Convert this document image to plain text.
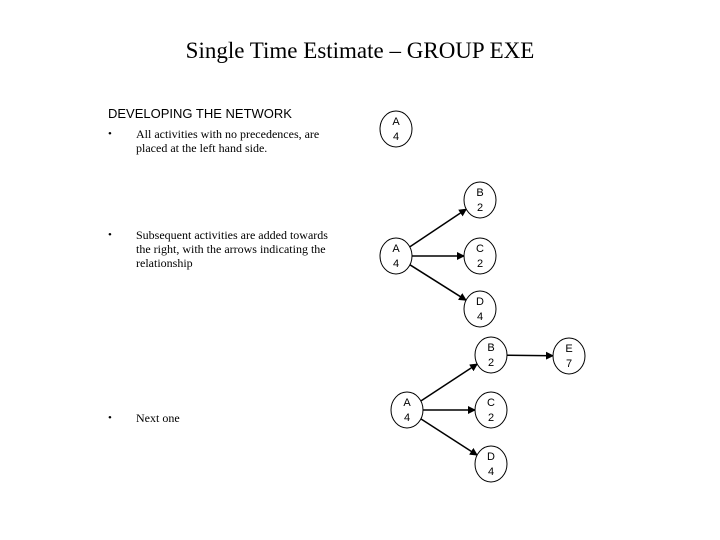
Single Time Estimate – GROUP EXE
DEVELOPING THE NETWORK
• All activities with no precedences, are placed at the left hand side.
• Subsequent activities are added towards the right, with the arrows indicating the relationship
• Next one
A
4
A
4
B
2
C
2
D
4
A
4
B
2
C
2
D
4
E
7
